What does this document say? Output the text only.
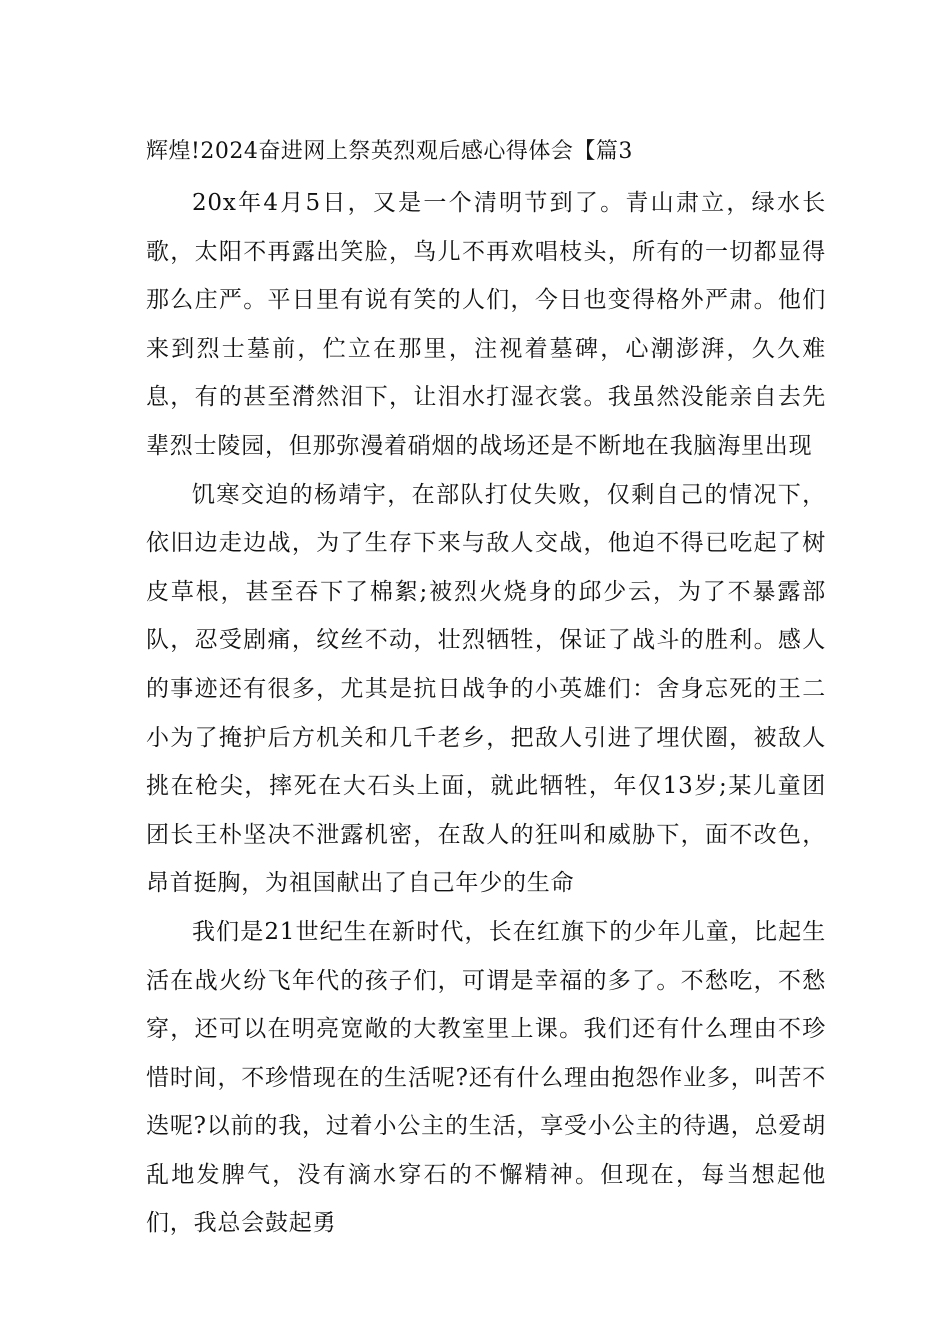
辉煌!2024奋进网上祭英烈观后感心得体会【篇3

20x年4月5日，又是一个清明节到了。青山肃立，绿水长歌，太阳不再露出笑脸，鸟儿不再欢唱枝头，所有的一切都显得那么庄严。平日里有说有笑的人们，今日也变得格外严肃。他们来到烈士墓前，伫立在那里，注视着墓碑，心潮澎湃，久久难息，有的甚至潸然泪下，让泪水打湿衣裳。我虽然没能亲自去先辈烈士陵园，但那弥漫着硝烟的战场还是不断地在我脑海里出现

饥寒交迫的杨靖宇，在部队打仗失败，仅剩自己的情况下，依旧边走边战，为了生存下来与敌人交战，他迫不得已吃起了树皮草根，甚至吞下了棉絮;被烈火烧身的邱少云，为了不暴露部队，忍受剧痛，纹丝不动，壮烈牺牲，保证了战斗的胜利。感人的事迹还有很多，尤其是抗日战争的小英雄们：舍身忘死的王二小为了掩护后方机关和几千老乡，把敌人引进了埋伏圈，被敌人挑在枪尖，摔死在大石头上面，就此牺牲，年仅13岁;某儿童团团长王朴坚决不泄露机密，在敌人的狂叫和威胁下，面不改色，昂首挺胸，为祖国献出了自己年少的生命

我们是21世纪生在新时代，长在红旗下的少年儿童，比起生活在战火纷飞年代的孩子们，可谓是幸福的多了。不愁吃，不愁穿，还可以在明亮宽敞的大教室里上课。我们还有什么理由不珍惜时间，不珍惜现在的生活呢?还有什么理由抱怨作业多，叫苦不迭呢?以前的我，过着小公主的生活，享受小公主的待遇，总爱胡乱地发脾气，没有滴水穿石的不懈精神。但现在，每当想起他们，我总会鼓起勇
